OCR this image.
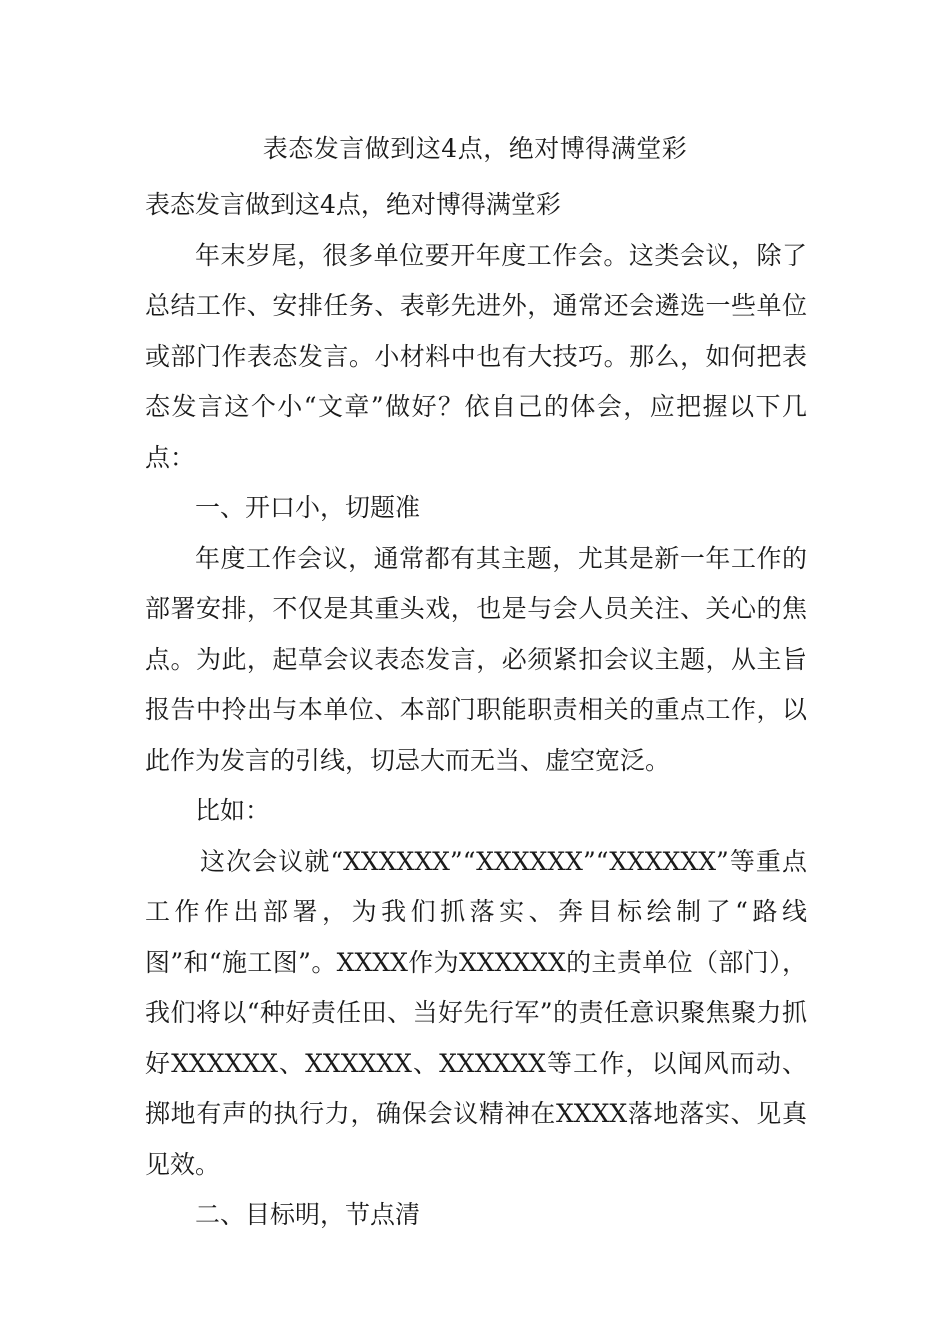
表态发言做到这4点，绝对博得满堂彩

表态发言做到这4点，绝对博得满堂彩

年末岁尾，很多单位要开年度工作会。这类会议，除了总结工作、安排任务、表彰先进外，通常还会遴选一些单位或部门作表态发言。小材料中也有大技巧。那么，如何把表态发言这个小“文章”做好？依自己的体会，应把握以下几点：

一、开口小，切题准

年度工作会议，通常都有其主题，尤其是新一年工作的部署安排，不仅是其重头戏，也是与会人员关注、关心的焦点。为此，起草会议表态发言，必须紧扣会议主题，从主旨报告中拎出与本单位、本部门职能职责相关的重点工作，以此作为发言的引线，切忌大而无当、虚空宽泛。

比如：

这次会议就“XXXXXX”“XXXXXX”“XXXXXX”等重点工作作出部署，为我们抓落实、奔目标绘制了“路线图”和“施工图”。XXXX作为XXXXXX的主责单位（部门），我们将以“种好责任田、当好先行军”的责任意识聚焦聚力抓好XXXXXX、XXXXXX、XXXXXX等工作，以闻风而动、掷地有声的执行力，确保会议精神在XXXX落地落实、见真见效。

二、目标明，节点清
